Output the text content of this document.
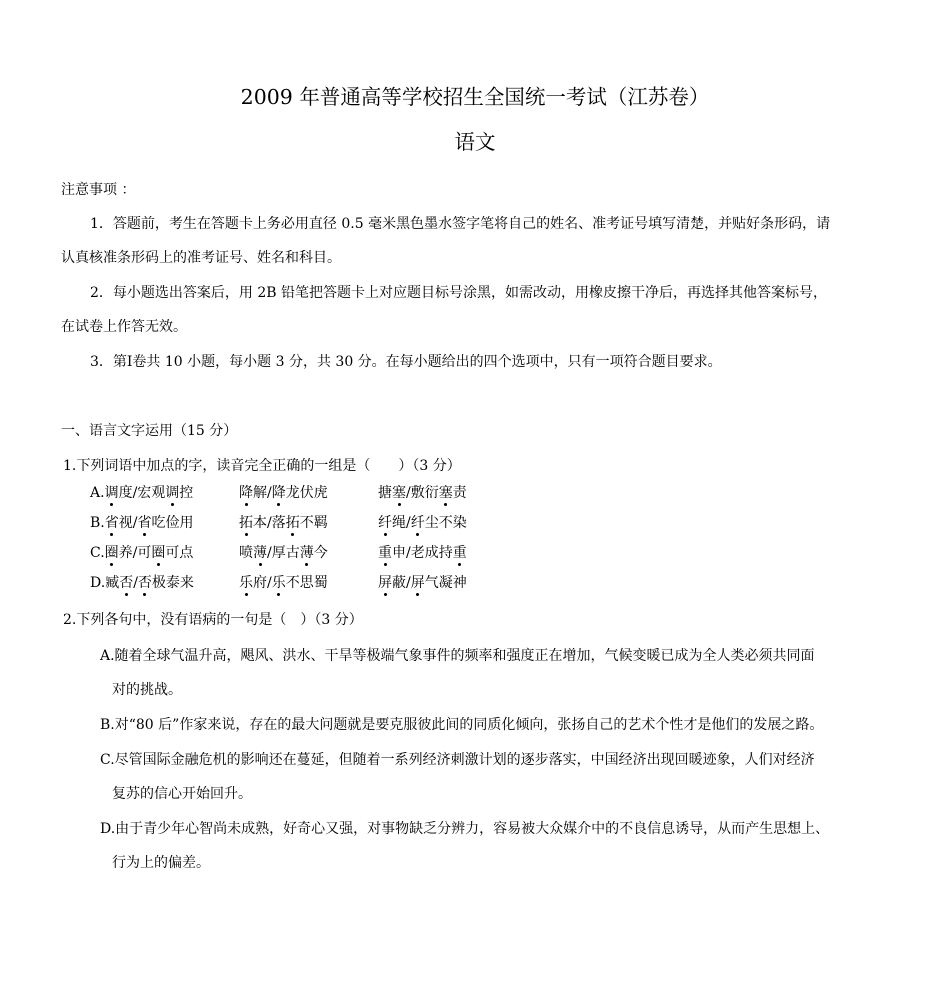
2009 年普通高等学校招生全国统一考试（江苏卷）
语文
注意事项 ：
1．答题前，考生在答题卡上务必用直径 0.5 毫米黑色墨水签字笔将自己的姓名、准考证号填写清楚，并贴好条形码，请
认真核准条形码上的准考证号、姓名和科目。
2．每小题选出答案后，用 2B 铅笔把答题卡上对应题目标号涂黑，如需改动，用橡皮擦干净后，再选择其他答案标号，
在试卷上作答无效。
3．第Ⅰ卷共 10 小题，每小题 3 分，共 30 分。在每小题给出的四个选项中，只有一项符合题目要求。
一、语言文字运用（15 分）
1.下列词语中加点的字，读音完全正确的一组是（　　）（3 分）
A.调度/宏观调控	降解/降龙伏虎	搪塞/敷衍塞责
B.省视/省吃俭用	拓本/落拓不羁	纤绳/纤尘不染
C.圈养/可圈可点	喷薄/厚古薄今	重申/老成持重
D.臧否/否极泰来	乐府/乐不思蜀	屏蔽/屏气凝神
2.下列各句中，没有语病的一句是（　）（3 分）
A.随着全球气温升高，飓风、洪水、干旱等极端气象事件的频率和强度正在增加，气候变暖已成为全人类必须共同面
对的挑战。
B.对“80 后”作家来说，存在的最大问题就是要克服彼此间的同质化倾向，张扬自己的艺术个性才是他们的发展之路。
C.尽管国际金融危机的影响还在蔓延，但随着一系列经济刺激计划的逐步落实，中国经济出现回暖迹象，人们对经济
复苏的信心开始回升。
D.由于青少年心智尚未成熟，好奇心又强，对事物缺乏分辨力，容易被大众媒介中的不良信息诱导，从而产生思想上、
行为上的偏差。
